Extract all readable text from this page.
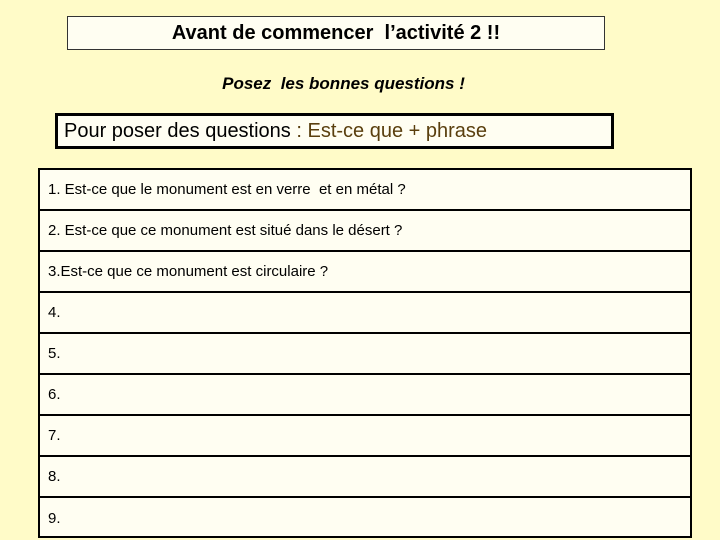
Avant de commencer  l’activité 2 !!
Posez  les bonnes questions !
Pour poser des questions : Est-ce que + phrase
1. Est-ce que le monument est en verre  et en métal ?
2. Est-ce que ce monument est situé dans le désert ?
3.Est-ce que ce monument est circulaire ?
4.
5.
6.
7.
8.
9.
